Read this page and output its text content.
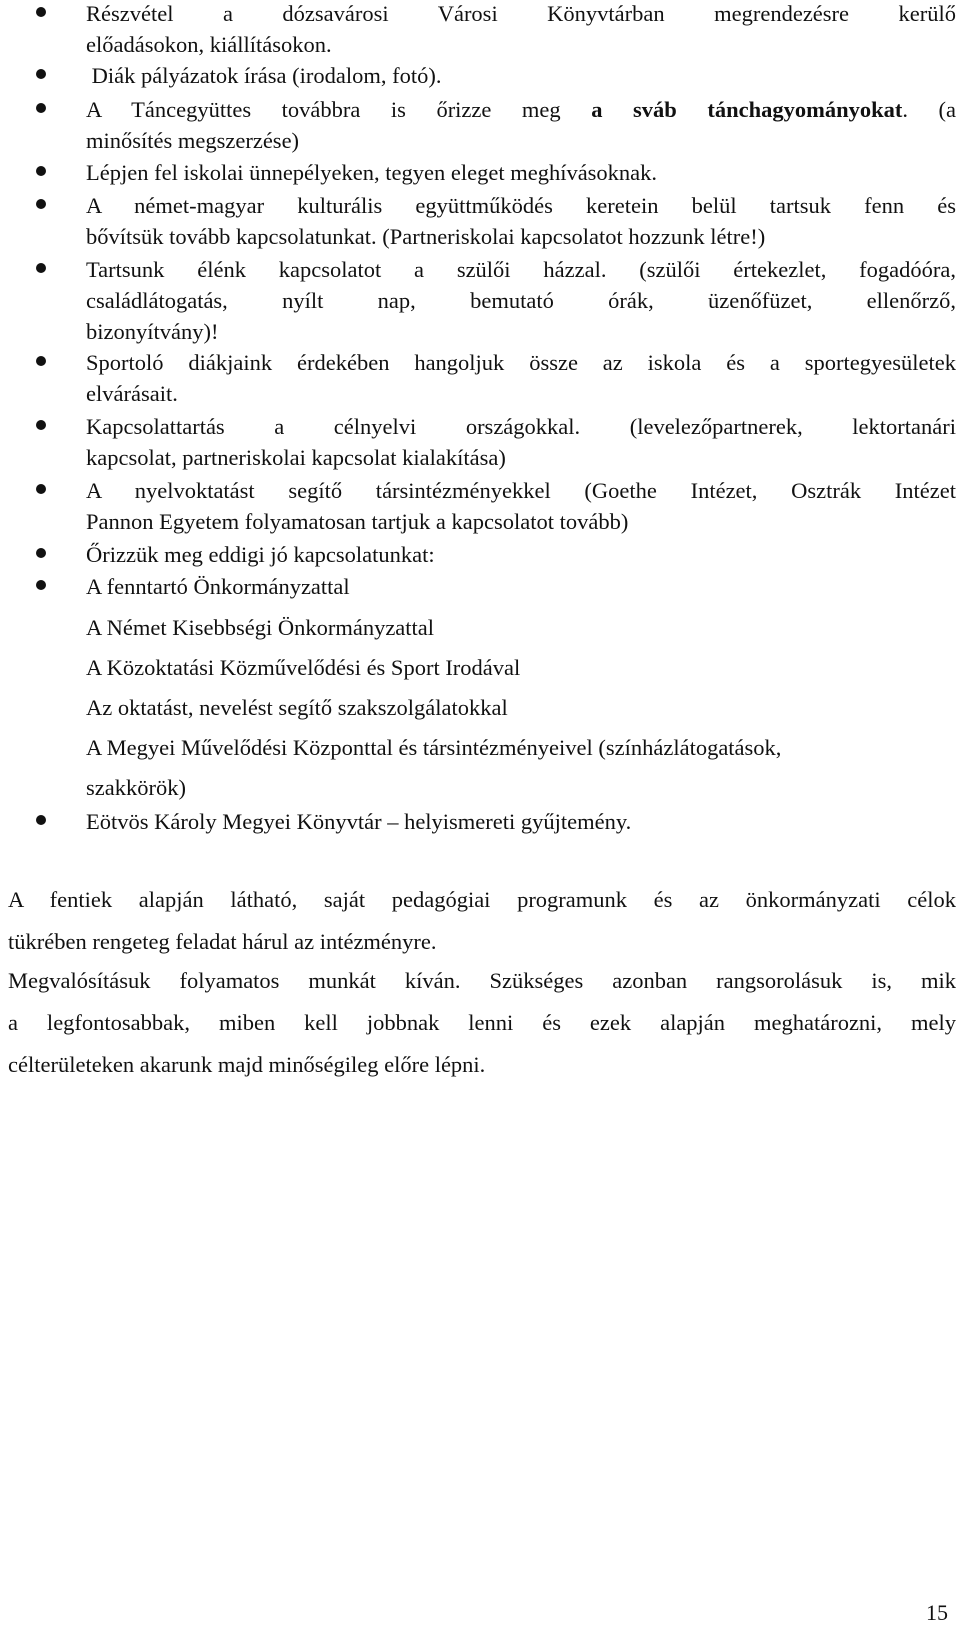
Részvétel a dózsavárosi Városi Könyvtárban megrendezésre kerülő
előadásokon, kiállításokon.
Diák pályázatok írása (irodalom, fotó).
A Táncegyüttes továbbra is őrizze meg a sváb tánchagyományokat. (a
minősítés megszerzése)
Lépjen fel iskolai ünnepélyeken, tegyen eleget meghívásoknak.
A német-magyar kulturális együttműködés keretein belül tartsuk fenn és
bővítsük tovább kapcsolatunkat. (Partneriskolai kapcsolatot hozzunk létre!)
Tartsunk élénk kapcsolatot a szülői házzal. (szülői értekezlet, fogadóóra,
családlátogatás, nyílt nap, bemutató órák, üzenőfüzet, ellenőrző,
bizonyítvány)!
Sportoló diákjaink érdekében hangoljuk össze az iskola és a sportegyesületek
elvárásait.
Kapcsolattartás a célnyelvi országokkal. (levelezőpartnerek, lektortanári
kapcsolat, partneriskolai kapcsolat kialakítása)
A nyelvoktatást segítő társintézményekkel (Goethe Intézet, Osztrák Intézet
Pannon Egyetem folyamatosan tartjuk a kapcsolatot tovább)
Őrizzük meg eddigi jó kapcsolatunkat:
A fenntartó Önkormányzattal
A Német Kisebbségi Önkormányzattal
A Közoktatási Közművelődési és Sport Irodával
Az oktatást, nevelést segítő szakszolgálatokkal
A Megyei Művelődési Központtal és társintézményeivel (színházlátogatások,
szakkörök)
Eötvös Károly Megyei Könyvtár – helyismereti gyűjtemény.
A fentiek alapján látható, saját pedagógiai programunk és az önkormányzati célok
tükrében rengeteg feladat hárul az intézményre.
Megvalósításuk folyamatos munkát kíván. Szükséges azonban rangsorolásuk is, mik
a legfontosabbak, miben kell jobbnak lenni és ezek alapján meghatározni, mely
célterületeken akarunk majd minőségileg előre lépni.
15
